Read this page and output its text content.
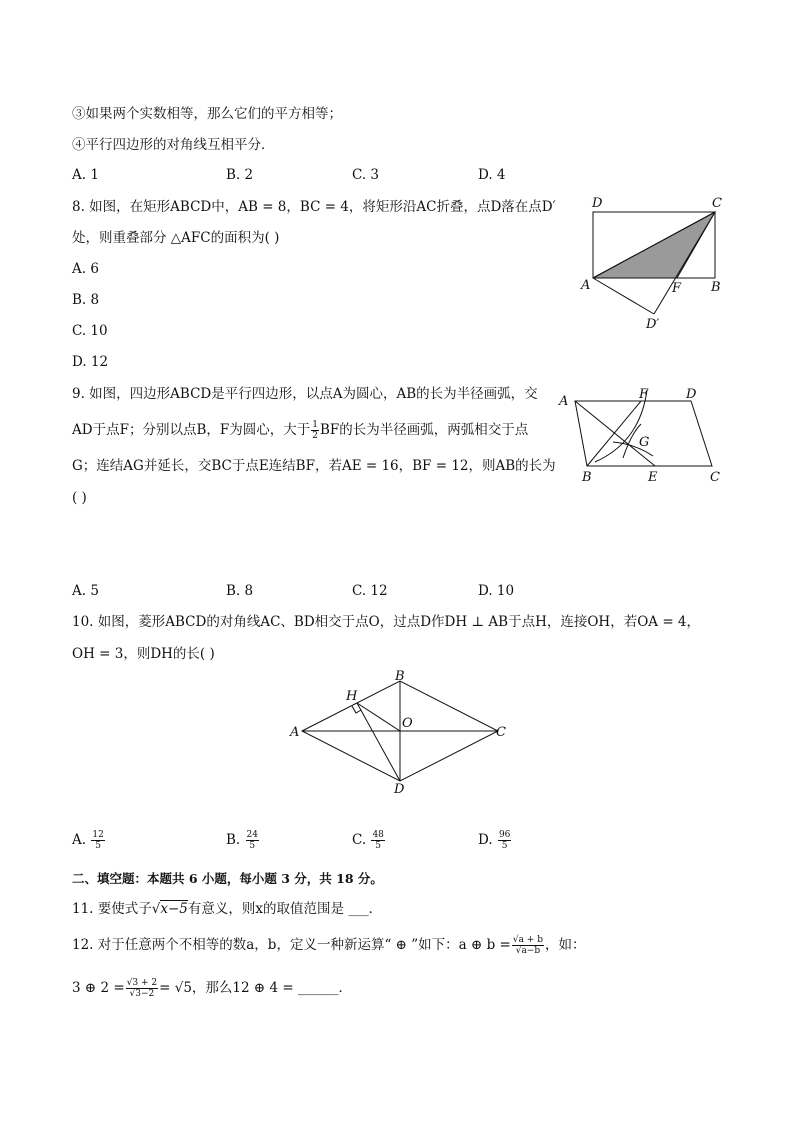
③如果两个实数相等，那么它们的平方相等；
④平行四边形的对角线互相平分．
A. 1	B. 2	C. 3	D. 4
8. 如图，在矩形ABCD中，AB = 8，BC = 4，将矩形沿AC折叠，点D落在点D′
处，则重叠部分 △AFC的面积为( )
A. 6
B. 8
C. 10
D. 12
D	C
A	B
F
D′
9. 如图，四边形ABCD是平行四边形，以点A为圆心，AB的长为半径画弧，交
AD于点F；分别以点B，F为圆心，大于 $\frac{1}{2}$ BF的长为半径画弧，两弧相交于点
G；连结AG并延长，交BC于点E连结BF，若AE = 16，BF = 12，则AB的长为
( )
A	F	D
G
B	E	C
A. 5	B. 8	C. 12	D. 10
10. 如图，菱形ABCD的对角线AC、BD相交于点O，过点D作DH ⊥ AB于点H，连接OH，若OA = 4，
OH = 3，则DH的长( )
A
B
C
D
H
O
A. $\frac{12}{5}$	B. $\frac{24}{5}$	C. $\frac{48}{5}$	D. $\frac{96}{5}$
二、填空题：本题共 6 小题，每小题 3 分，共 18 分。
11. 要使式子√x−5有意义，则x的取值范围是 ___．
12. 对于任意两个不相等的数a，b，定义一种新运算“ ⊕ ”如下：a ⊕ $b = \frac{√a + b}{√a-b}$ ，如：
3 ⊕ $2 = \frac{√3 + 2}{√3-2} = √5$，那么12 ⊕ 4 = ______．
